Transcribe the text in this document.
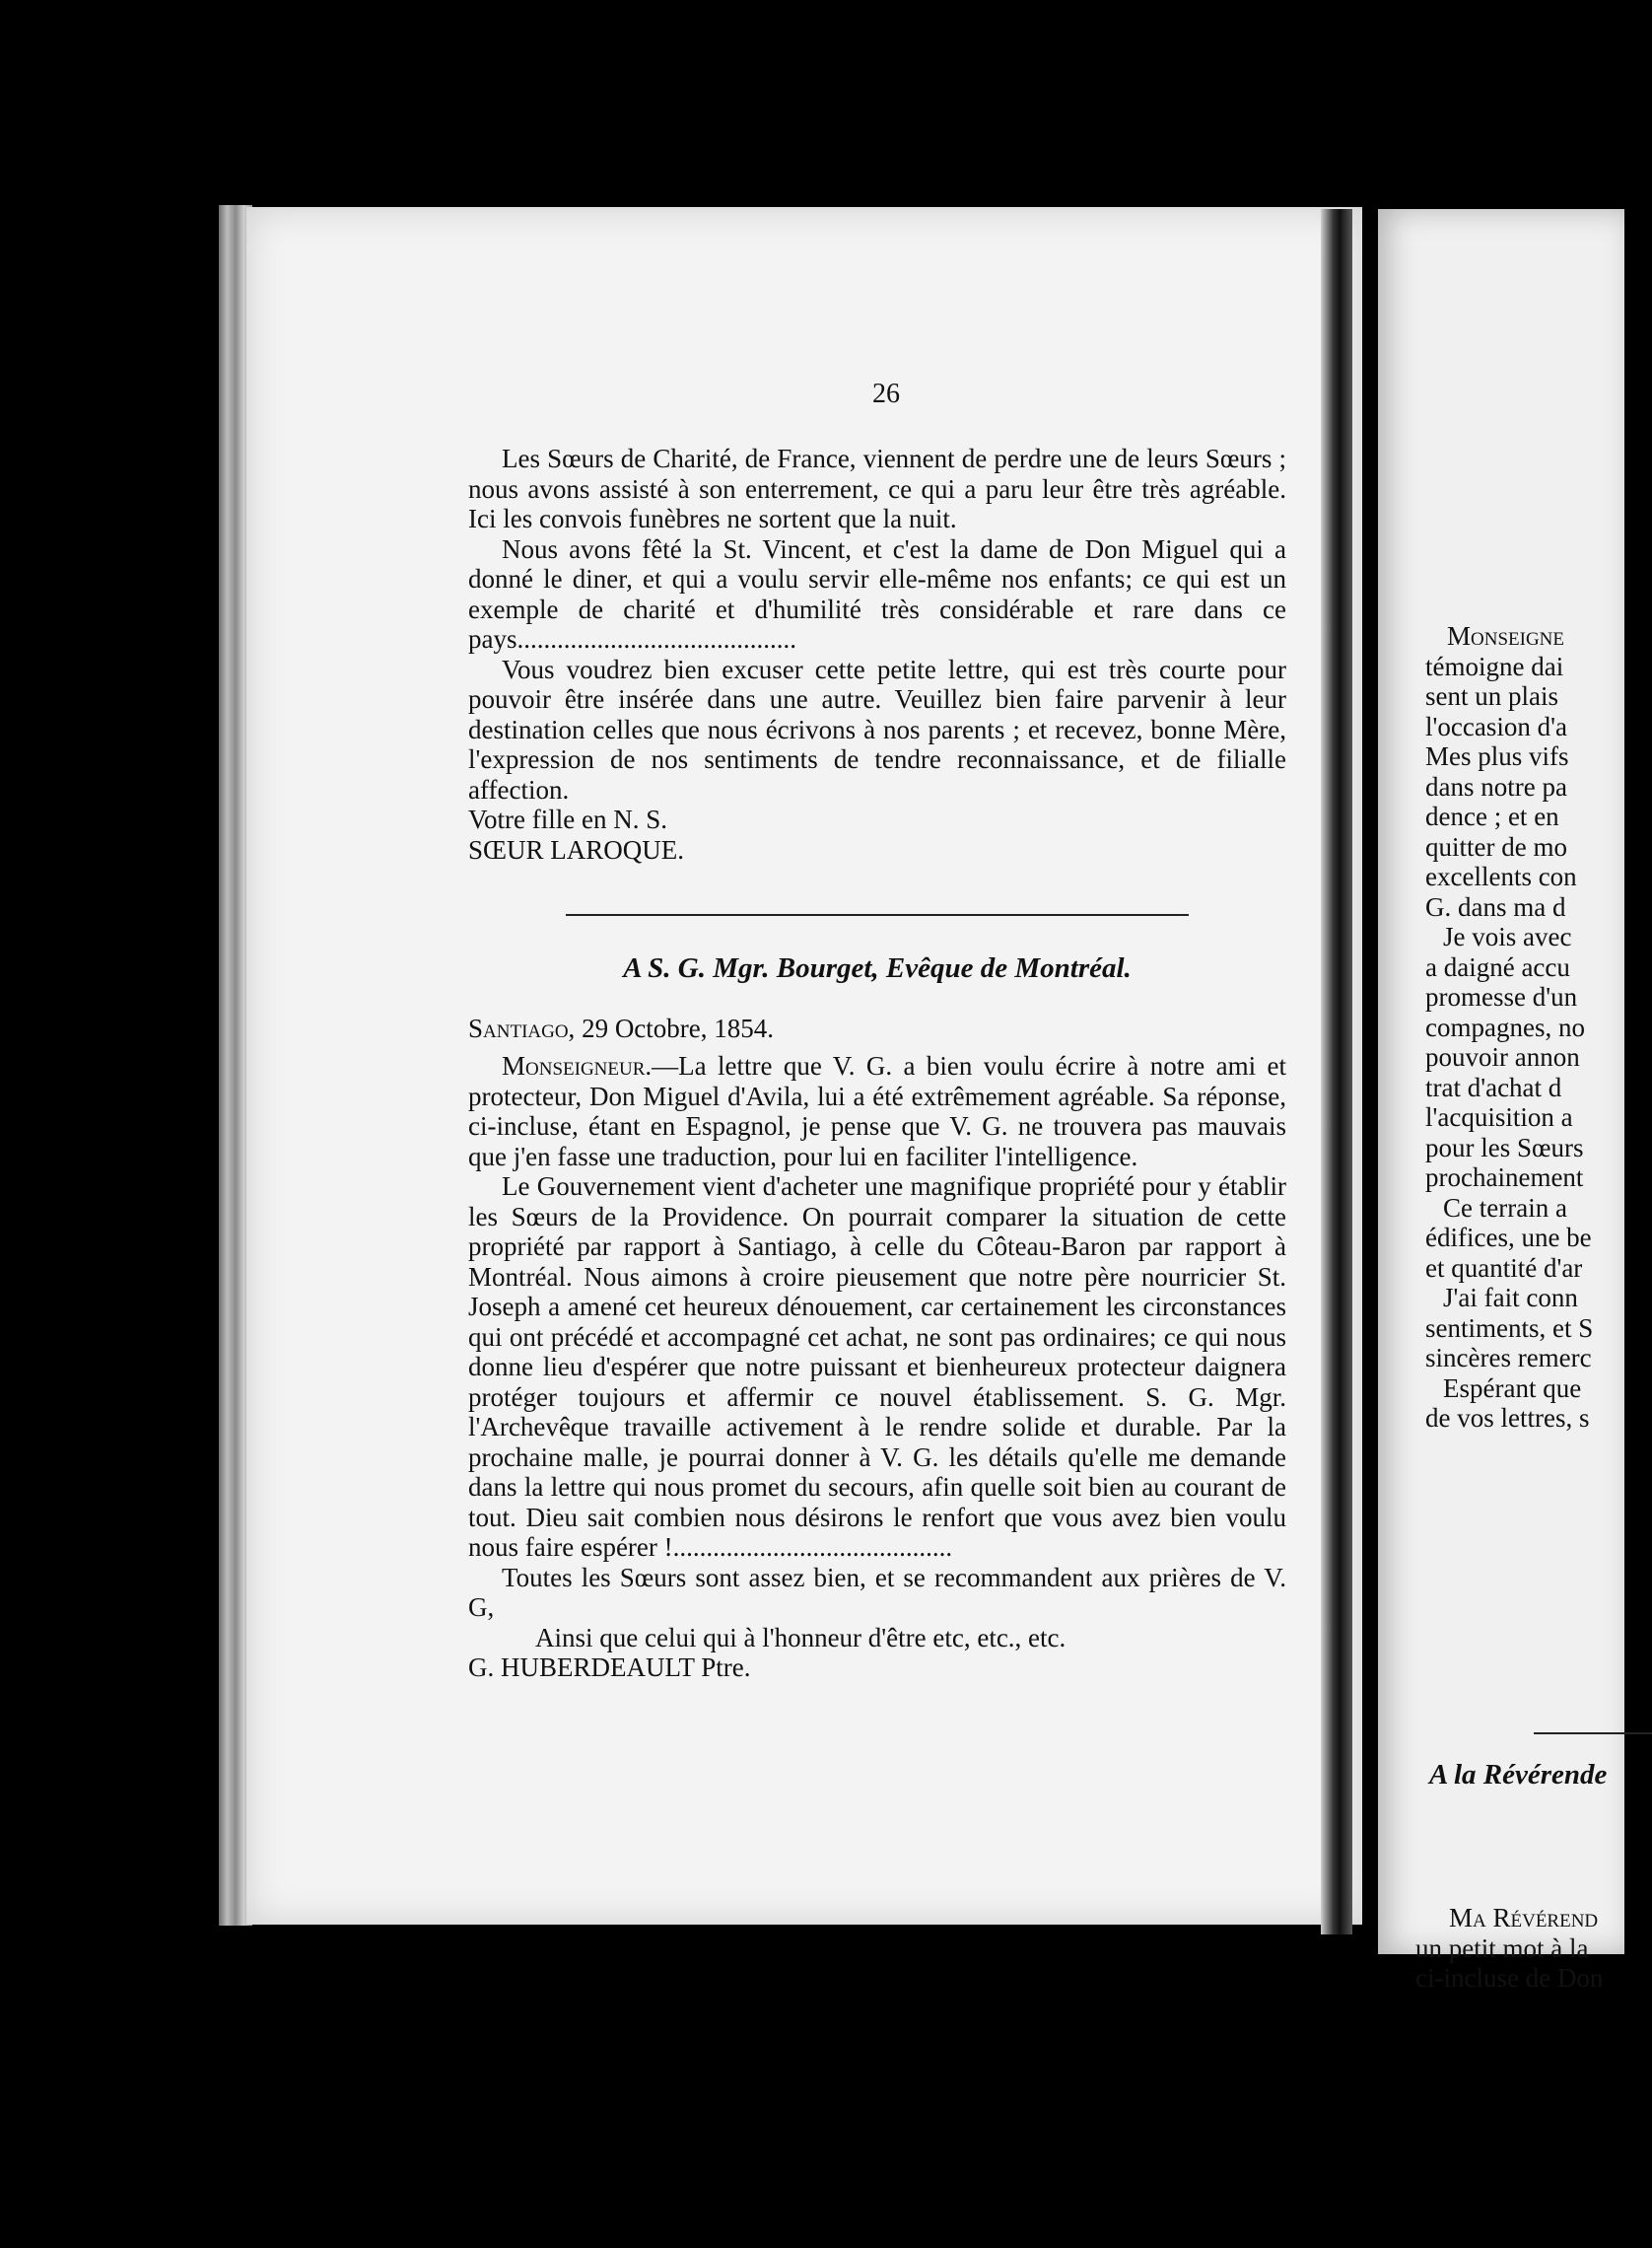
Monseigne
témoigne dai
sent un plais
l'occasion d'a
Mes plus vifs
dans notre pa
dence ; et en
quitter de mo
excellents con
G. dans ma d
Je vois avec
a daigné accu
promesse d'un
compagnes, no
pouvoir annon
trat d'achat d
l'acquisition a
pour les Sœurs
prochainement
Ce terrain a
édifices, une be
et quantité d'ar
J'ai fait conn
sentiments, et S
sincères remerc
Espérant que
de vos lettres, s
A la Révérende
Ma Révérend
un petit mot à la
ci-incluse de Don
26

Les Sœurs de Charité, de France, viennent de perdre une de leurs Sœurs ; nous avons assisté à son enterrement, ce qui a paru leur être très agréable. Ici les convois funèbres ne sortent que la nuit.

Nous avons fêté la St. Vincent, et c'est la dame de Don Miguel qui a donné le diner, et qui a voulu servir elle-même nos enfants; ce qui est un exemple de charité et d'humilité très considérable et rare dans ce pays..........................................

Vous voudrez bien excuser cette petite lettre, qui est très courte pour pouvoir être insérée dans une autre. Veuillez bien faire parvenir à leur destination celles que nous écrivons à nos parents ; et recevez, bonne Mère, l'expression de nos sentiments de tendre reconnaissance, et de filialle affection.

Votre fille en N. S.

SŒUR LAROQUE.

A S. G. Mgr. Bourget, Evêque de Montréal.

Santiago, 29 Octobre, 1854.

Monseigneur.—La lettre que V. G. a bien voulu écrire à notre ami et protecteur, Don Miguel d'Avila, lui a été extrêmement agréable. Sa réponse, ci-incluse, étant en Espagnol, je pense que V. G. ne trouvera pas mauvais que j'en fasse une traduction, pour lui en faciliter l'intelligence.

Le Gouvernement vient d'acheter une magnifique propriété pour y établir les Sœurs de la Providence. On pourrait comparer la situation de cette propriété par rapport à Santiago, à celle du Côteau-Baron par rapport à Montréal. Nous aimons à croire pieusement que notre père nourricier St. Joseph a amené cet heureux dénouement, car certainement les circonstances qui ont précédé et accompagné cet achat, ne sont pas ordinaires; ce qui nous donne lieu d'espérer que notre puissant et bienheureux protecteur daignera protéger toujours et affermir ce nouvel établissement. S. G. Mgr. l'Archevêque travaille activement à le rendre solide et durable. Par la prochaine malle, je pourrai donner à V. G. les détails qu'elle me demande dans la lettre qui nous promet du secours, afin quelle soit bien au courant de tout. Dieu sait combien nous désirons le renfort que vous avez bien voulu nous faire espérer !..........................................

Toutes les Sœurs sont assez bien, et se recommandent aux prières de V. G,

Ainsi que celui qui à l'honneur d'être etc, etc., etc.

G. HUBERDEAULT Ptre.
